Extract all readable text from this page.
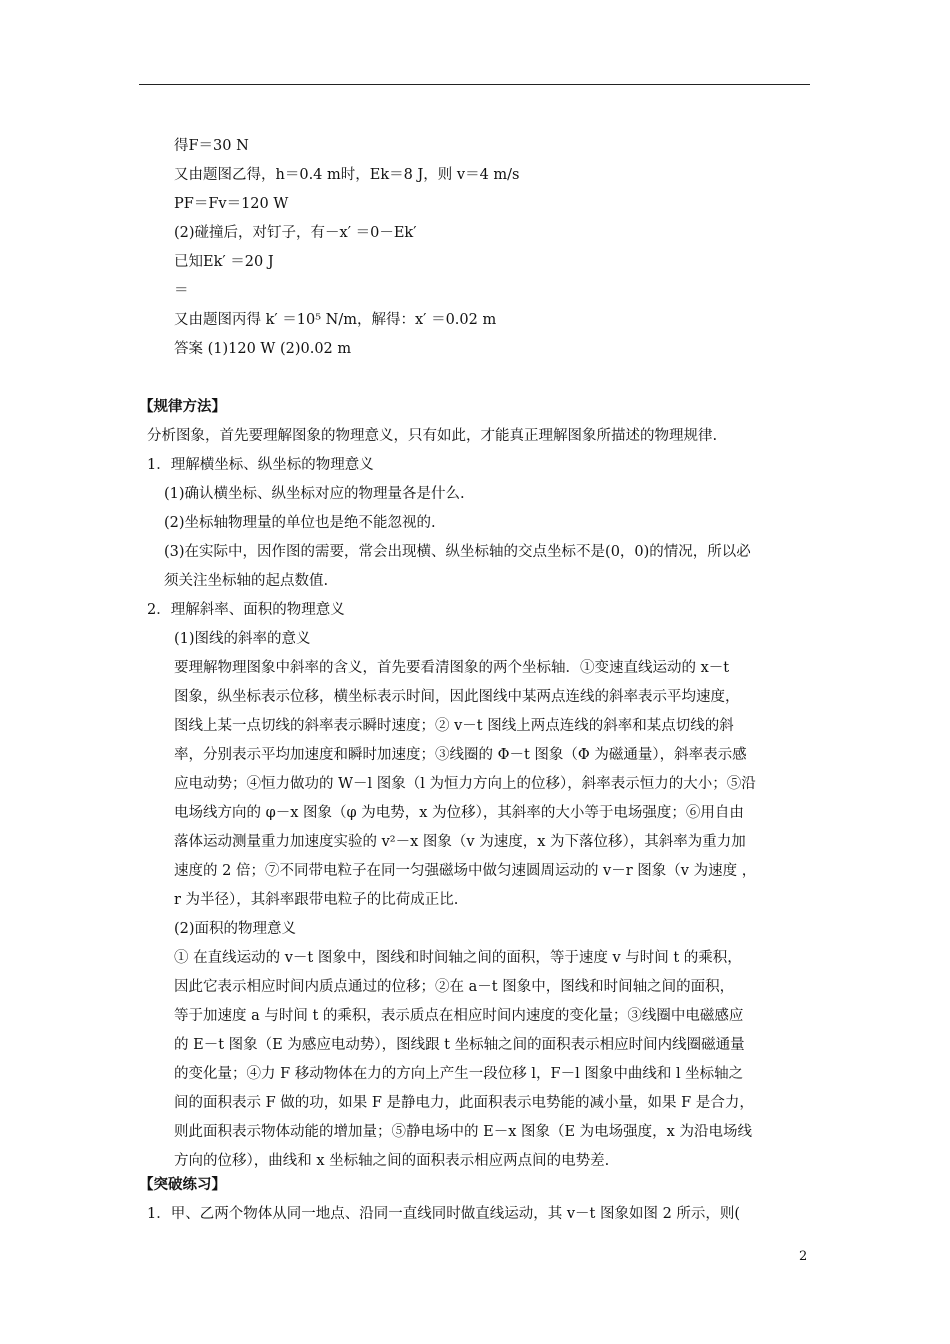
得F＝30 N
又由题图乙得，h＝0.4 m时，Ek＝8 J，则 v＝4 m/s
PF＝Fv＝120 W
(2)碰撞后，对钉子，有－x′ ＝0－Ek′
已知Ek′ ＝20 J
＝
又由题图丙得 k′ ＝10⁵ N/m，解得：x′ ＝0.02 m
答案 (1)120 W (2)0.02 m
【规律方法】
分析图象，首先要理解图象的物理意义，只有如此，才能真正理解图象所描述的物理规律.
1．理解横坐标、纵坐标的物理意义
(1)确认横坐标、纵坐标对应的物理量各是什么.
(2)坐标轴物理量的单位也是绝不能忽视的.
(3)在实际中，因作图的需要，常会出现横、纵坐标轴的交点坐标不是(0，0)的情况，所以必
须关注坐标轴的起点数值.
2．理解斜率、面积的物理意义
(1)图线的斜率的意义
要理解物理图象中斜率的含义，首先要看清图象的两个坐标轴．①变速直线运动的 x－t
图象，纵坐标表示位移，横坐标表示时间，因此图线中某两点连线的斜率表示平均速度，
图线上某一点切线的斜率表示瞬时速度；② v－t 图线上两点连线的斜率和某点切线的斜
率，分别表示平均加速度和瞬时加速度；③线圈的 Φ－t 图象（Φ 为磁通量），斜率表示感
应电动势；④恒力做功的 W－l 图象（l 为恒力方向上的位移），斜率表示恒力的大小；⑤沿
电场线方向的 φ－x 图象（φ 为电势，x 为位移），其斜率的大小等于电场强度；⑥用自由
落体运动测量重力加速度实验的 v²－x 图象（v 为速度，x 为下落位移），其斜率为重力加
速度的 2 倍；⑦不同带电粒子在同一匀强磁场中做匀速圆周运动的 v－r 图象（v 为速度 ，
r 为半径），其斜率跟带电粒子的比荷成正比.
(2)面积的物理意义
① 在直线运动的 v－t 图象中，图线和时间轴之间的面积，等于速度 v 与时间 t 的乘积，
因此它表示相应时间内质点通过的位移；②在 a－t 图象中，图线和时间轴之间的面积，
等于加速度 a 与时间 t 的乘积，表示质点在相应时间内速度的变化量；③线圈中电磁感应
的 E－t 图象（E 为感应电动势），图线跟 t 坐标轴之间的面积表示相应时间内线圈磁通量
的变化量；④力 F 移动物体在力的方向上产生一段位移 l，F－l 图象中曲线和 l 坐标轴之
间的面积表示 F 做的功，如果 F 是静电力，此面积表示电势能的减小量，如果 F 是合力，
则此面积表示物体动能的增加量；⑤静电场中的 E－x 图象（E 为电场强度，x 为沿电场线
方向的位移），曲线和 x 坐标轴之间的面积表示相应两点间的电势差.
【突破练习】
1．甲、乙两个物体从同一地点、沿同一直线同时做直线运动，其 v－t 图象如图 2 所示，则(
2
